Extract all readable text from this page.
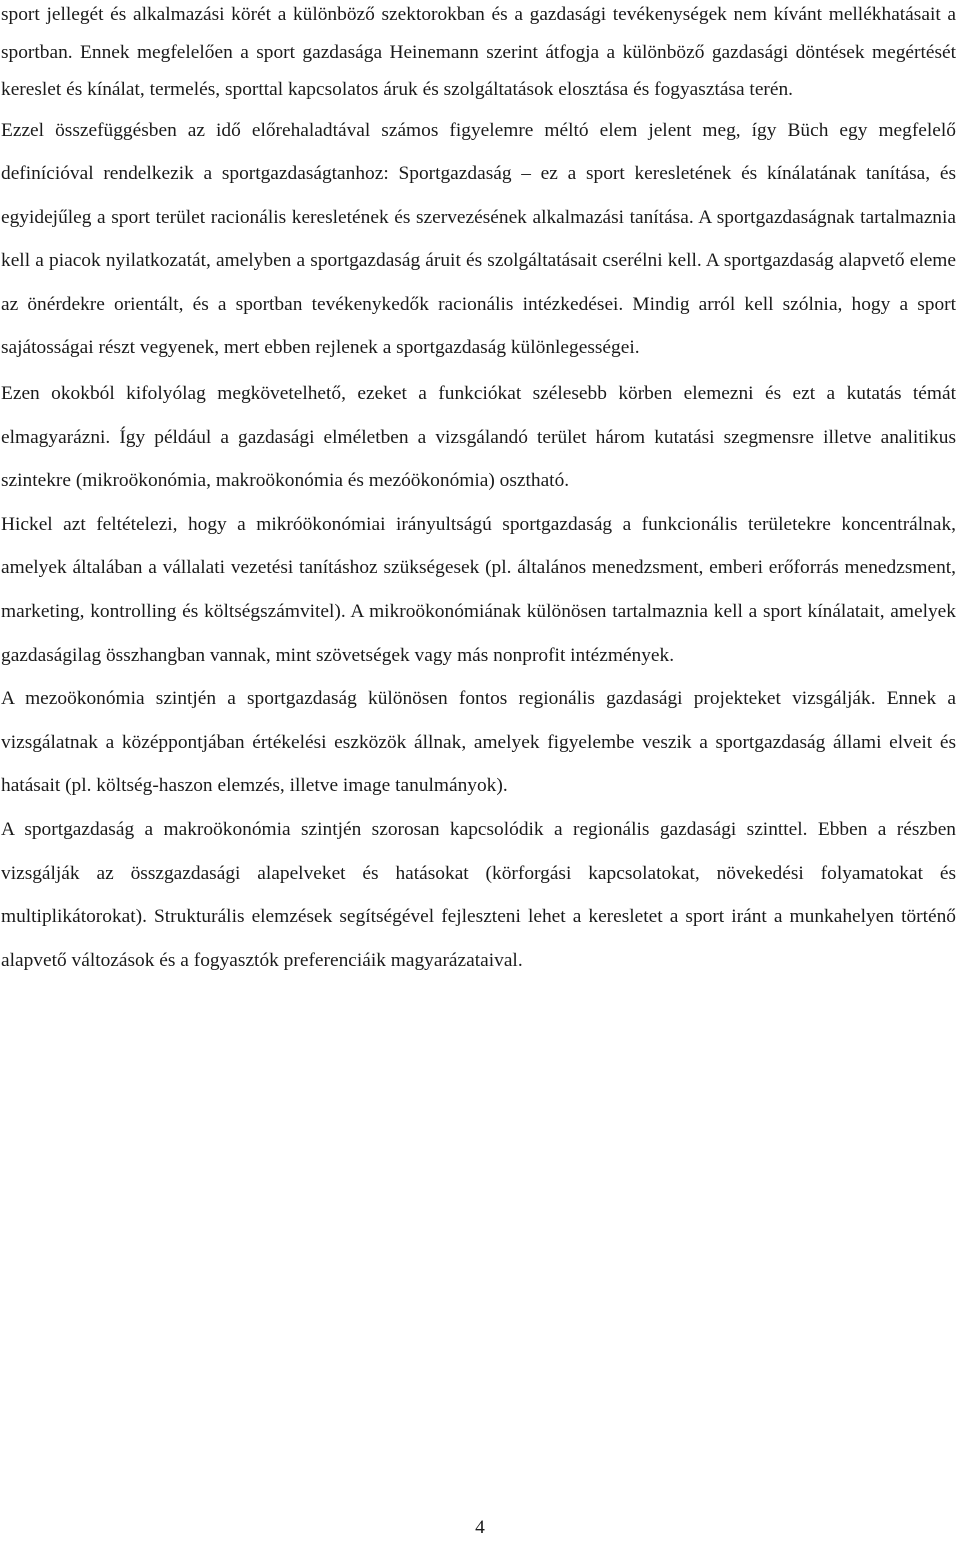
sport jellegét és alkalmazási körét a különböző szektorokban és a gazdasági tevékenységek nem kívánt mellékhatásait a sportban. Ennek megfelelően a sport gazdasága Heinemann szerint átfogja a különböző gazdasági döntések megértését kereslet és kínálat, termelés, sporttal kapcsolatos áruk és szolgáltatások elosztása és fogyasztása terén.

Ezzel összefüggésben az idő előrehaladtával számos figyelemre méltó elem jelent meg, így Büch egy megfelelő definícióval rendelkezik a sportgazdaságtanhoz: Sportgazdaság – ez a sport keresletének és kínálatának tanítása, és egyidejűleg a sport terület racionális keresletének és szervezésének alkalmazási tanítása. A sportgazdaságnak tartalmaznia kell a piacok nyilatkozatát, amelyben a sportgazdaság áruit és szolgáltatásait cserélni kell. A sportgazdaság alapvető eleme az önérdekre orientált, és a sportban tevékenykedők racionális intézkedései. Mindig arról kell szólnia, hogy a sport sajátosságai részt vegyenek, mert ebben rejlenek a sportgazdaság különlegességei.

Ezen okokból kifolyólag megkövetelhető, ezeket a funkciókat szélesebb körben elemezni és ezt a kutatás témát elmagyarázni. Így például a gazdasági elméletben a vizsgálandó terület három kutatási szegmensre illetve analitikus szintekre (mikroökonómia, makroökonómia és mezóökonómia) osztható.

Hickel azt feltételezi, hogy a mikróökonómiai irányultságú sportgazdaság a funkcionális területekre koncentrálnak, amelyek általában a vállalati vezetési tanításhoz szükségesek (pl. általános menedzsment, emberi erőforrás menedzsment, marketing, kontrolling és költségszámvitel). A mikroökonómiának különösen tartalmaznia kell a sport kínálatait, amelyek gazdaságilag összhangban vannak, mint szövetségek vagy más nonprofit intézmények.

A mezoökonómia szintjén a sportgazdaság különösen fontos regionális gazdasági projekteket vizsgálják. Ennek a vizsgálatnak a középpontjában értékelési eszközök állnak, amelyek figyelembe veszik a sportgazdaság állami elveit és hatásait (pl. költség-haszon elemzés, illetve image tanulmányok).

A sportgazdaság a makroökonómia szintjén szorosan kapcsolódik a regionális gazdasági szinttel. Ebben a részben vizsgálják az összgazdasági alapelveket és hatásokat (körforgási kapcsolatokat, növekedési folyamatokat és multiplikátorokat). Strukturális elemzések segítségével fejleszteni lehet a keresletet a sport iránt a munkahelyen történő alapvető változások és a fogyasztók preferenciáik magyarázataival.

4
